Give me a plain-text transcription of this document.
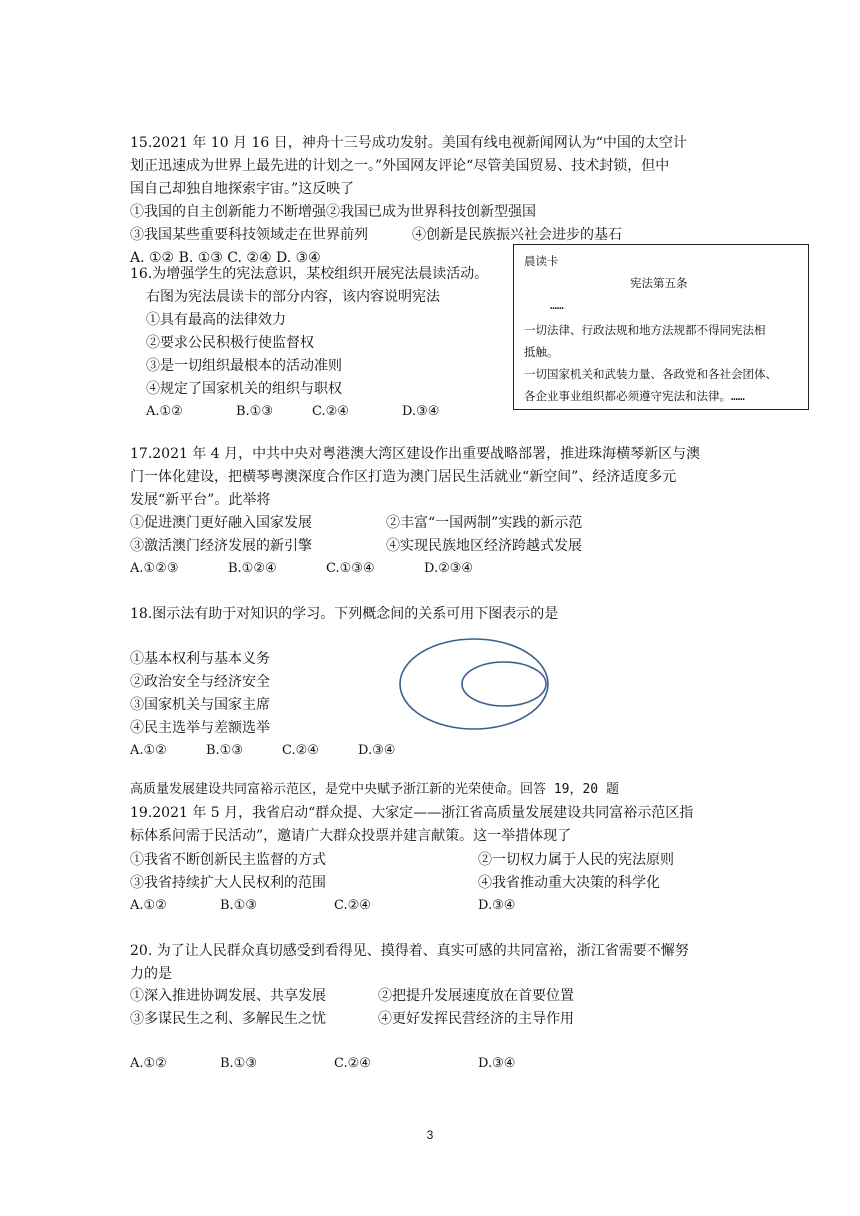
15.2021 年 10 月 16 日，神舟十三号成功发射。美国有线电视新闻网认为“中国的太空计
划正迅速成为世界上最先进的计划之一。”外国网友评论“尽管美国贸易、技术封锁，但中
国自己却独自地探索宇宙。”这反映了
①我国的自主创新能力不断增强②我国已成为世界科技创新型强国
③我国某些重要科技领域走在世界前列	④创新是民族振兴社会进步的基石
A. ①② B. ①③ C. ②④ D. ③④
16.为增强学生的宪法意识，某校组织开展宪法晨读活动。
右图为宪法晨读卡的部分内容，该内容说明宪法
①具有最高的法律效力
②要求公民积极行使监督权
③是一切组织最根本的活动准则
④规定了国家机关的组织与职权
A.①②	B.①③	C.②④	D.③④
晨读卡
宪法第五条
……
一切法律、行政法规和地方法规都不得同宪法相
抵触。
一切国家机关和武装力量、各政党和各社会团体、
各企业事业组织都必须遵守宪法和法律。……
17.2021 年 4 月，中共中央对粤港澳大湾区建设作出重要战略部署，推进珠海横琴新区与澳
门一体化建设，把横琴粤澳深度合作区打造为澳门居民生活就业“新空间”、经济适度多元
发展“新平台”。此举将
①促进澳门更好融入国家发展	②丰富“一国两制”实践的新示范
③激活澳门经济发展的新引擎	④实现民族地区经济跨越式发展
A.①②③	B.①②④	C.①③④	D.②③④
18.图示法有助于对知识的学习。下列概念间的关系可用下图表示的是
①基本权利与基本义务
②政治安全与经济安全
③国家机关与国家主席
④民主选举与差额选举
A.①②	B.①③	C.②④	D.③④
高质量发展建设共同富裕示范区，是党中央赋予浙江新的光荣使命。回答 19，20 题
19.2021 年 5 月，我省启动“群众提、大家定——浙江省高质量发展建设共同富裕示范区指
标体系问需于民活动”，邀请广大群众投票并建言献策。这一举措体现了
①我省不断创新民主监督的方式	②一切权力属于人民的宪法原则
③我省持续扩大人民权利的范围	④我省推动重大决策的科学化
A.①②	B.①③	C.②④	D.③④
20. 为了让人民群众真切感受到看得见、摸得着、真实可感的共同富裕，浙江省需要不懈努
力的是
①深入推进协调发展、共享发展	②把提升发展速度放在首要位置
③多谋民生之利、多解民生之忧	④更好发挥民营经济的主导作用
A.①②	B.①③	C.②④	D.③④
3
